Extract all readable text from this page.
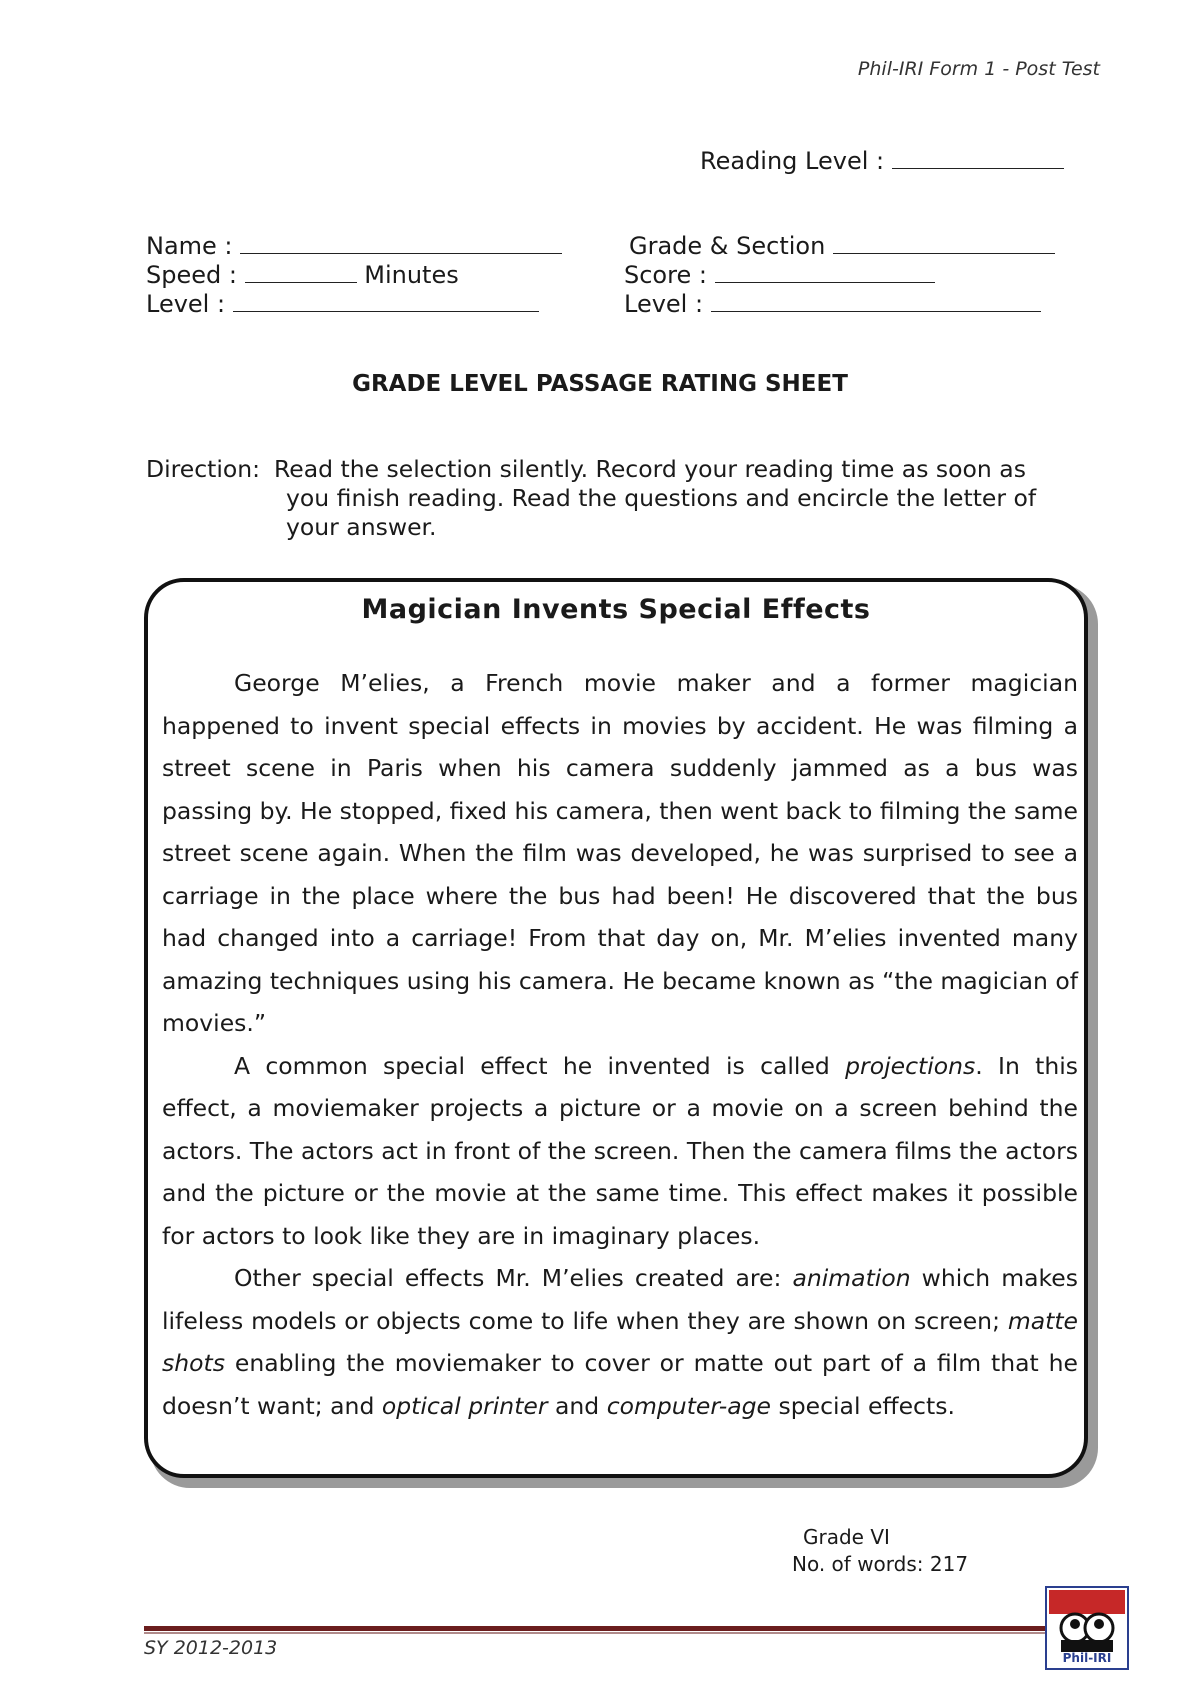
Phil-IRI Form 1 - Post Test
Reading Level :
Name :	Grade & Section
Speed :	Minutes	Score :
Level :	Level :
GRADE LEVEL PASSAGE RATING SHEET
Direction: Read the selection silently. Record your reading time as soon as you finish reading. Read the questions and encircle the letter of your answer.
Magician Invents Special Effects

George M’elies, a French movie maker and a former magician happened to invent special effects in movies by accident. He was filming a street scene in Paris when his camera suddenly jammed as a bus was passing by. He stopped, fixed his camera, then went back to filming the same street scene again. When the film was developed, he was surprised to see a carriage in the place where the bus had been! He discovered that the bus had changed into a carriage! From that day on, Mr. M’elies invented many amazing techniques using his camera. He became known as “the magician of movies.”

A common special effect he invented is called projections. In this effect, a moviemaker projects a picture or a movie on a screen behind the actors. The actors act in front of the screen. Then the camera films the actors and the picture or the movie at the same time. This effect makes it possible for actors to look like they are in imaginary places.

Other special effects Mr. M’elies created are: animation which makes lifeless models or objects come to life when they are shown on screen; matte shots enabling the moviemaker to cover or matte out part of a film that he doesn’t want; and optical printer and computer-age special effects.

Grade VI
No. of words: 217
SY 2012-2013	Phil-IRI
